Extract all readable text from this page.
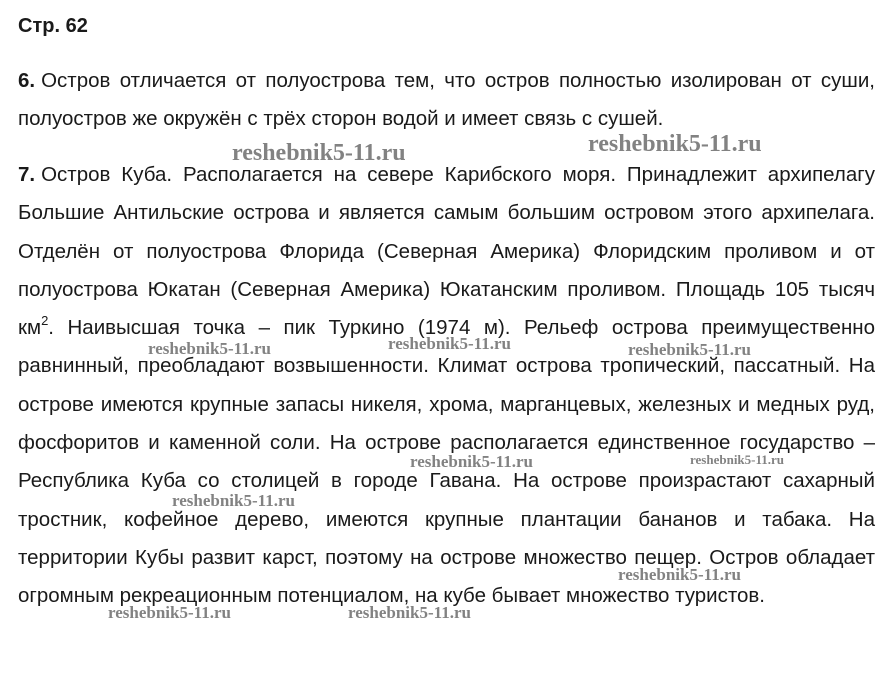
Стр. 62

6. Остров отличается от полуострова тем, что остров полностью изолирован от суши, полуостров же окружён с трёх сторон водой и имеет связь с сушей.

7. Остров Куба. Располагается на севере Карибского моря. Принадлежит архипелагу Большие Антильские острова и является самым большим островом этого архипелага. Отделён от полуострова Флорида (Северная Америка) Флоридским проливом и от полуострова Юкатан (Северная Америка) Юкатанским проливом. Площадь 105 тысяч $км^2$. Наивысшая точка – пик Туркино (1974 м). Рельеф острова преимущественно равнинный, преобладают возвышенности. Климат острова тропический, пассатный. На острове имеются крупные запасы никеля, хрома, марганцевых, железных и медных руд, фосфоритов и каменной соли. На острове располагается единственное государство – Республика Куба со столицей в городе Гавана. На острове произрастают сахарный тростник, кофейное дерево, имеются крупные плантации бананов и табака. На территории Кубы развит карст, поэтому на острове множество пещер. Остров обладает огромным рекреационным потенциалом, на кубе бывает множество туристов.

reshebnik5-11.ru	reshebnik5-11.ru
reshebnik5-11.ru	reshebnik5-11.ru	reshebnik5-11.ru
reshebnik5-11.ru	reshebnik5-11.ru
reshebnik5-11.ru
reshebnik5-11.ru
reshebnik5-11.ru	reshebnik5-11.ru
